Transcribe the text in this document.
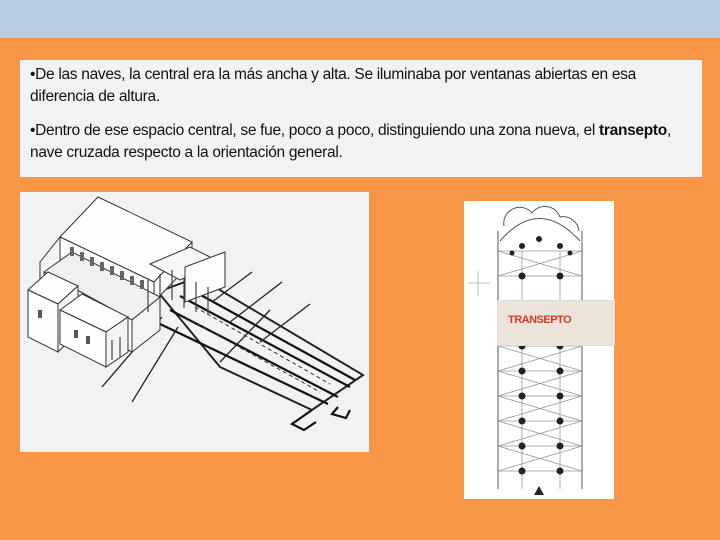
•De las naves, la central era la más ancha y alta. Se iluminaba por ventanas abiertas en esa diferencia de altura.

•Dentro de ese espacio central, se fue, poco a poco, distinguiendo una zona nueva, el transepto, nave cruzada respecto a la orientación general.

TRANSEPTO
